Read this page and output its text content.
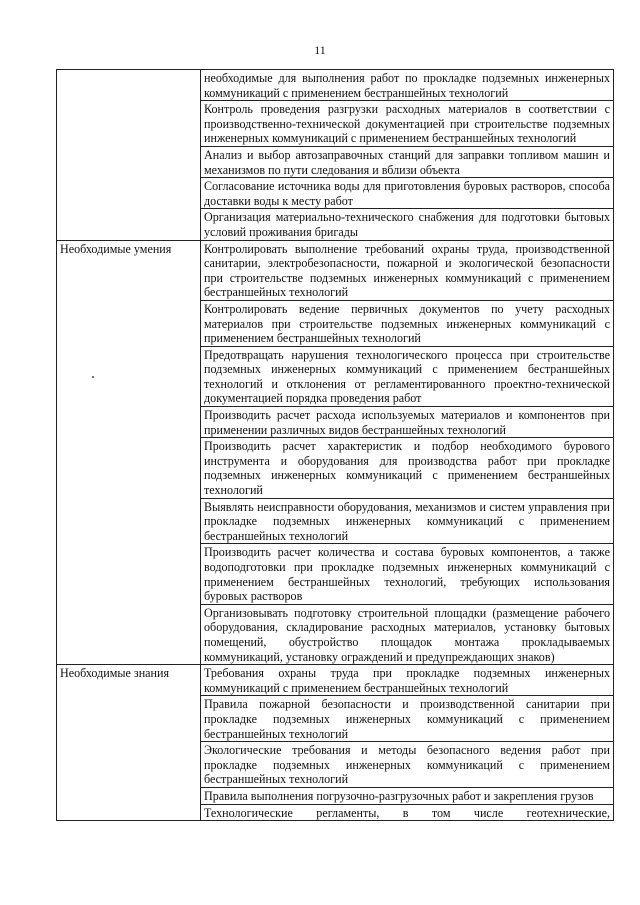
11
	необходимые для выполнения работ по прокладке подземных инженерных коммуникаций с применением бестраншейных технологий
	Контроль проведения разгрузки расходных материалов в соответствии с производственно-технической документацией при строительстве подземных инженерных коммуникаций с применением бестраншейных технологий
	Анализ и выбор автозаправочных станций для заправки топливом машин и механизмов по пути следования и вблизи объекта
	Согласование источника воды для приготовления буровых растворов, способа доставки воды к месту работ
	Организация материально-технического снабжения для подготовки бытовых условий проживания бригады
Необходимые умения	Контролировать выполнение требований охраны труда, производственной санитарии, электробезопасности, пожарной и экологической безопасности при строительстве подземных инженерных коммуникаций с применением бестраншейных технологий
	Контролировать ведение первичных документов по учету расходных материалов при строительстве подземных инженерных коммуникаций с применением бестраншейных технологий
	Предотвращать нарушения технологического процесса при строительстве подземных инженерных коммуникаций с применением бестраншейных технологий и отклонения от регламентированного проектно-технической документацией порядка проведения работ
	Производить расчет расхода используемых материалов и компонентов при применении различных видов бестраншейных технологий
	Производить расчет характеристик и подбор необходимого бурового инструмента и оборудования для производства работ при прокладке подземных инженерных коммуникаций с применением бестраншейных технологий
	Выявлять неисправности оборудования, механизмов и систем управления при прокладке подземных инженерных коммуникаций с применением бестраншейных технологий
	Производить расчет количества и состава буровых компонентов, а также водоподготовки при прокладке подземных инженерных коммуникаций с применением бестраншейных технологий, требующих использования буровых растворов
	Организовывать подготовку строительной площадки (размещение рабочего оборудования, складирование расходных материалов, установку бытовых помещений, обустройство площадок монтажа прокладываемых коммуникаций, установку ограждений и предупреждающих знаков)
Необходимые знания	Требования охраны труда при прокладке подземных инженерных коммуникаций с применением бестраншейных технологий
	Правила пожарной безопасности и производственной санитарии при прокладке подземных инженерных коммуникаций с применением бестраншейных технологий
	Экологические требования и методы безопасного ведения работ при прокладке подземных инженерных коммуникаций с применением бестраншейных технологий
	Правила выполнения погрузочно-разгрузочных работ и закрепления грузов
	Технологические регламенты, в том числе геотехнические,
